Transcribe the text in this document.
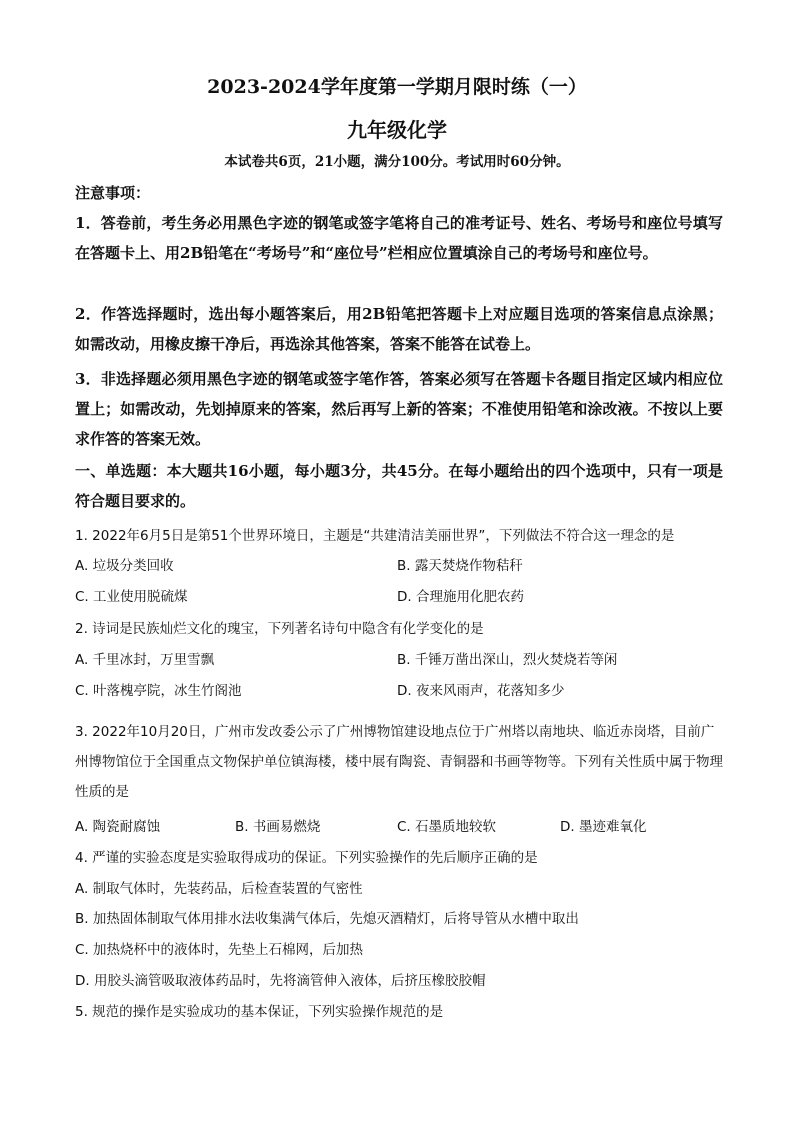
2023-2024学年度第一学期月限时练（一）
九年级化学
本试卷共6页，21小题，满分100分。考试用时60分钟。
注意事项：
1．答卷前，考生务必用黑色字迹的钢笔或签字笔将自己的准考证号、姓名、考场号和座位号填写在答题卡上、用2B铅笔在“考场号”和“座位号”栏相应位置填涂自己的考场号和座位号。
2．作答选择题时，选出每小题答案后，用2B铅笔把答题卡上对应题目选项的答案信息点涂黑；如需改动，用橡皮擦干净后，再选涂其他答案，答案不能答在试卷上。
3．非选择题必须用黑色字迹的钢笔或签字笔作答，答案必须写在答题卡各题目指定区域内相应位置上；如需改动，先划掉原来的答案，然后再写上新的答案；不准使用铅笔和涂改液。不按以上要求作答的答案无效。
一、单选题：本大题共16小题，每小题3分，共45分。在每小题给出的四个选项中，只有一项是符合题目要求的。
1. 2022年6月5日是第51个世界环境日，主题是“共建清洁美丽世界”，下列做法不符合这一理念的是
A. 垃圾分类回收	B. 露天焚烧作物秸秆
C. 工业使用脱硫煤	D. 合理施用化肥农药
2. 诗词是民族灿烂文化的瑰宝，下列著名诗句中隐含有化学变化的是
A. 千里冰封，万里雪飘	B. 千锤万凿出深山，烈火焚烧若等闲
C. 叶落槐亭院，冰生竹阁池	D. 夜来风雨声，花落知多少
3. 2022年10月20日，广州市发改委公示了广州博物馆建设地点位于广州塔以南地块、临近赤岗塔，目前广州博物馆位于全国重点文物保护单位镇海楼，楼中展有陶瓷、青铜器和书画等物等。下列有关性质中属于物理性质的是
A. 陶瓷耐腐蚀	B. 书画易燃烧	C. 石墨质地较软	D. 墨迹难氧化
4. 严谨的实验态度是实验取得成功的保证。下列实验操作的先后顺序正确的是
A. 制取气体时，先装药品，后检查装置的气密性
B. 加热固体制取气体用排水法收集满气体后，先熄灭酒精灯，后将导管从水槽中取出
C. 加热烧杯中的液体时，先垫上石棉网，后加热
D. 用胶头滴管吸取液体药品时，先将滴管伸入液体，后挤压橡胶胶帽
5. 规范的操作是实验成功的基本保证，下列实验操作规范的是
